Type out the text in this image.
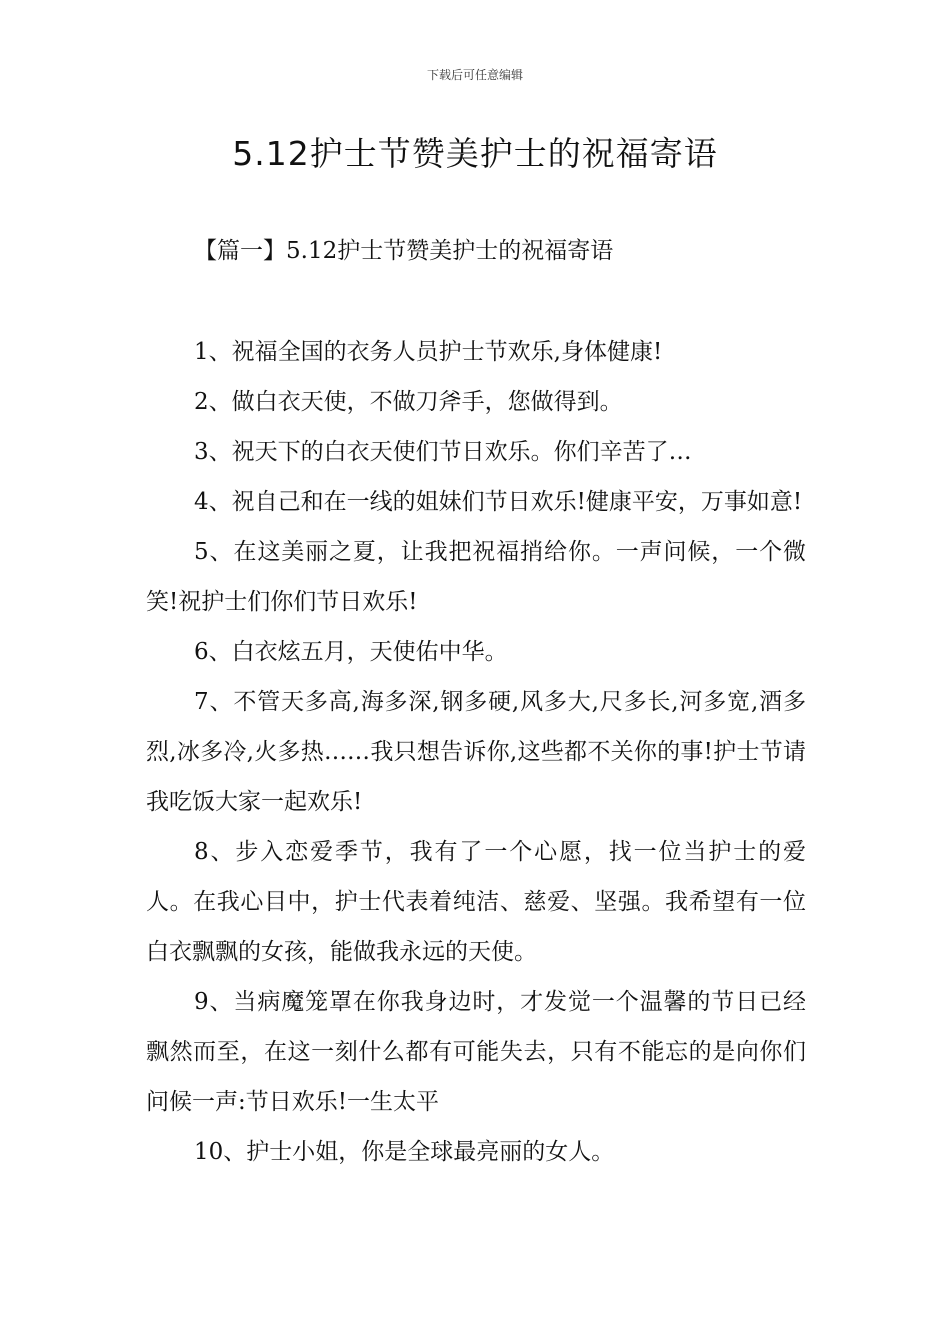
下载后可任意编辑
5.12护士节赞美护士的祝福寄语
【篇一】5.12护士节赞美护士的祝福寄语

1、祝福全国的衣务人员护士节欢乐,身体健康!

2、做白衣天使，不做刀斧手，您做得到。

3、祝天下的白衣天使们节日欢乐。你们辛苦了…

4、祝自己和在一线的姐妹们节日欢乐!健康平安，万事如意!

5、在这美丽之夏，让我把祝福捎给你。一声问候，一个微笑!祝护士们你们节日欢乐!

6、白衣炫五月，天使佑中华。

7、不管天多高,海多深,钢多硬,风多大,尺多长,河多宽,酒多烈,冰多冷,火多热……我只想告诉你,这些都不关你的事!护士节请我吃饭大家一起欢乐!

8、步入恋爱季节，我有了一个心愿，找一位当护士的爱人。在我心目中，护士代表着纯洁、慈爱、坚强。我希望有一位白衣飘飘的女孩，能做我永远的天使。

9、当病魔笼罩在你我身边时，才发觉一个温馨的节日已经飘然而至，在这一刻什么都有可能失去，只有不能忘的是向你们问候一声:节日欢乐!一生太平

10、护士小姐，你是全球最亮丽的女人。
